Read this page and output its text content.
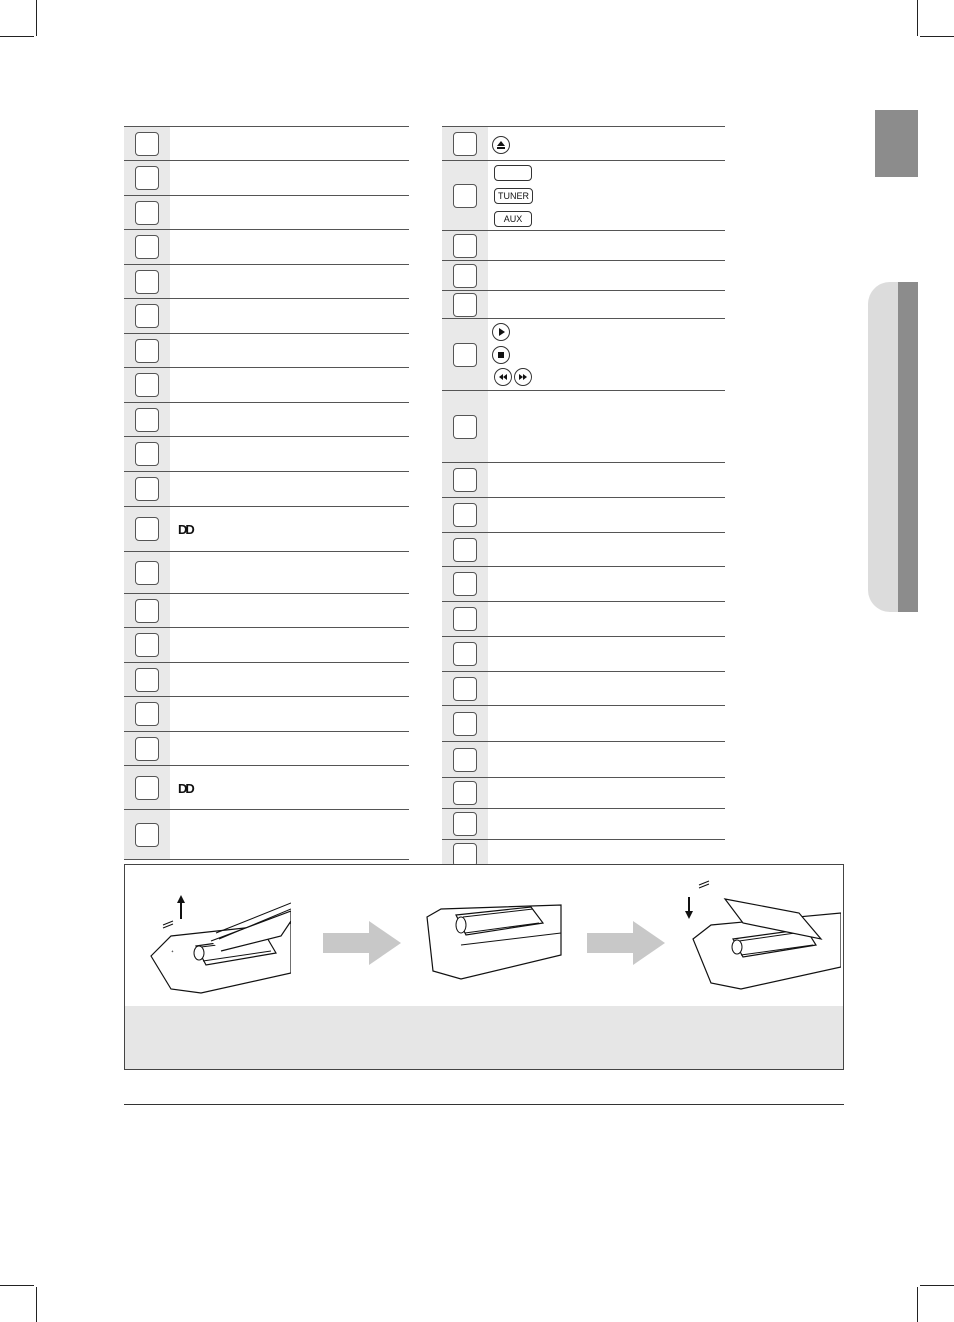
DD
DD
TUNER
AUX
ᐩ
